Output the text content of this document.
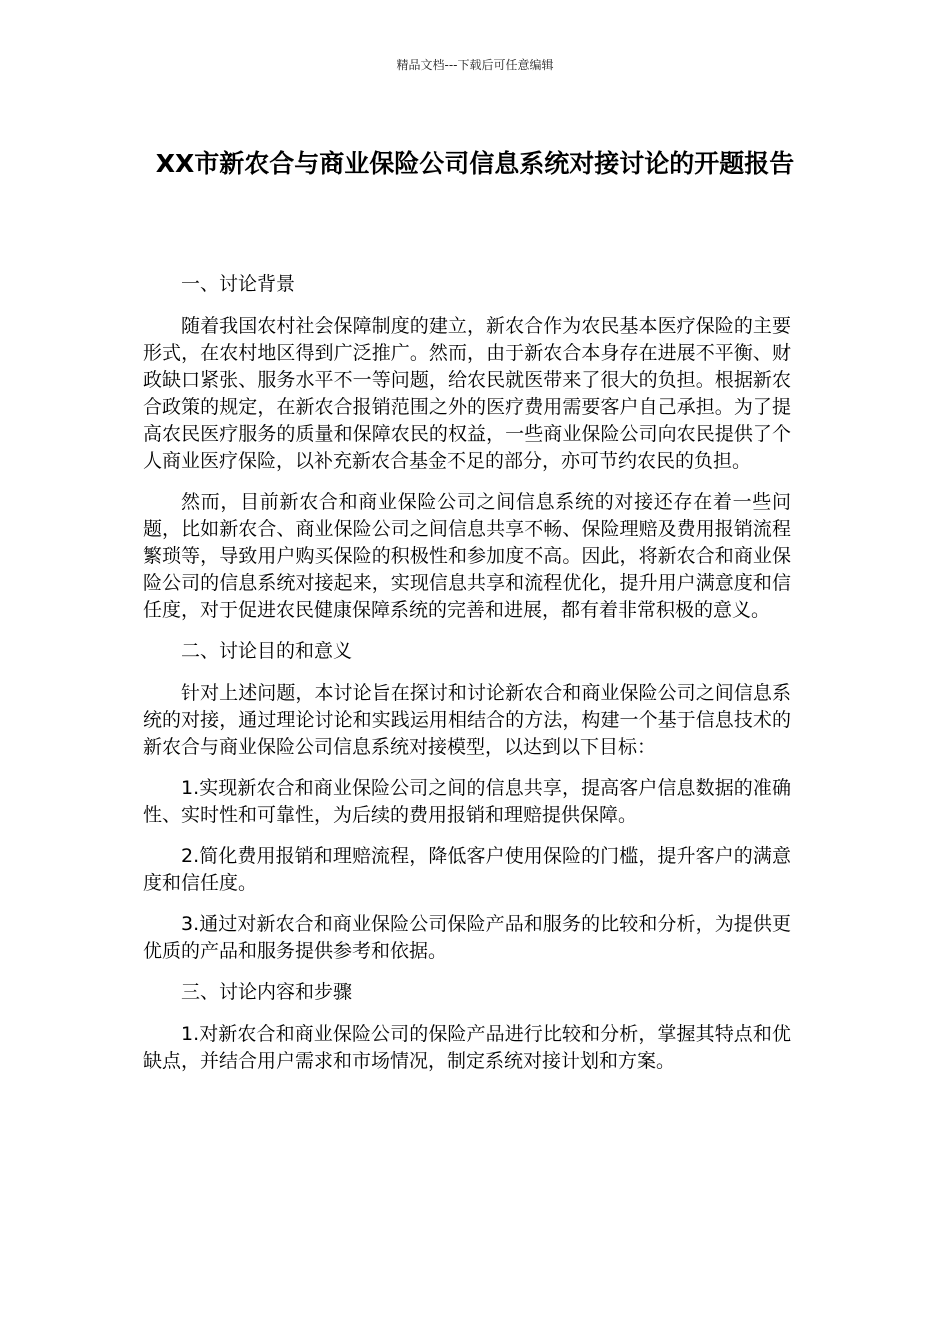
精品文档---下载后可任意编辑
XX市新农合与商业保险公司信息系统对接讨论的开题报告

一、讨论背景

随着我国农村社会保障制度的建立，新农合作为农民基本医疗保险的主要形式，在农村地区得到广泛推广。然而，由于新农合本身存在进展不平衡、财政缺口紧张、服务水平不一等问题，给农民就医带来了很大的负担。根据新农合政策的规定，在新农合报销范围之外的医疗费用需要客户自己承担。为了提高农民医疗服务的质量和保障农民的权益，一些商业保险公司向农民提供了个人商业医疗保险，以补充新农合基金不足的部分，亦可节约农民的负担。

然而，目前新农合和商业保险公司之间信息系统的对接还存在着一些问题，比如新农合、商业保险公司之间信息共享不畅、保险理赔及费用报销流程繁琐等，导致用户购买保险的积极性和参加度不高。因此，将新农合和商业保险公司的信息系统对接起来，实现信息共享和流程优化，提升用户满意度和信任度，对于促进农民健康保障系统的完善和进展，都有着非常积极的意义。

二、讨论目的和意义

针对上述问题，本讨论旨在探讨和讨论新农合和商业保险公司之间信息系统的对接，通过理论讨论和实践运用相结合的方法，构建一个基于信息技术的新农合与商业保险公司信息系统对接模型，以达到以下目标：

1.实现新农合和商业保险公司之间的信息共享，提高客户信息数据的准确性、实时性和可靠性，为后续的费用报销和理赔提供保障。

2.简化费用报销和理赔流程，降低客户使用保险的门槛，提升客户的满意度和信任度。

3.通过对新农合和商业保险公司保险产品和服务的比较和分析，为提供更优质的产品和服务提供参考和依据。

三、讨论内容和步骤

1.对新农合和商业保险公司的保险产品进行比较和分析，掌握其特点和优缺点，并结合用户需求和市场情况，制定系统对接计划和方案。
